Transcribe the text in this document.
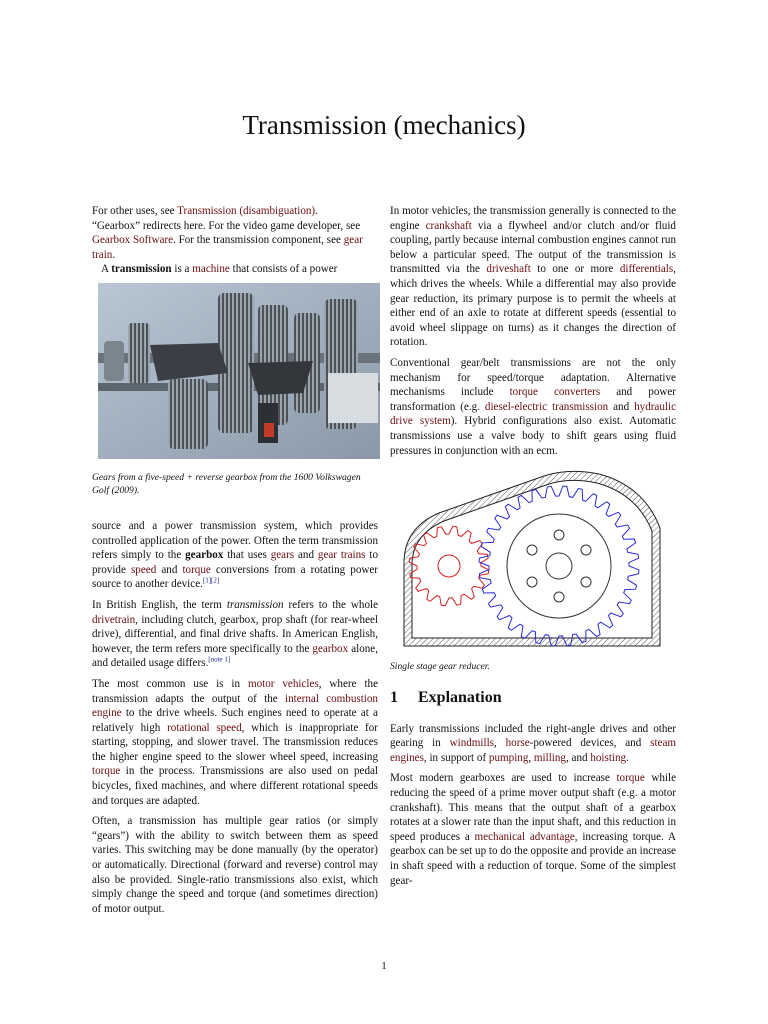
Transmission (mechanics)

For other uses, see Transmission (disambiguation).

“Gearbox” redirects here. For the video game developer, see Gearbox Software. For the transmission component, see gear train.

A transmission is a machine that consists of a power

Gears from a five-speed + reverse gearbox from the 1600 Volkswagen Golf (2009).

source and a power transmission system, which provides controlled application of the power. Often the term transmission refers simply to the gearbox that uses gears and gear trains to provide speed and torque conversions from a rotating power source to another device.[1][2]

In British English, the term transmission refers to the whole drivetrain, including clutch, gearbox, prop shaft (for rear-wheel drive), differential, and final drive shafts. In American English, however, the term refers more specifically to the gearbox alone, and detailed usage differs.[note 1]

The most common use is in motor vehicles, where the transmission adapts the output of the internal combustion engine to the drive wheels. Such engines need to operate at a relatively high rotational speed, which is inappropriate for starting, stopping, and slower travel. The transmission reduces the higher engine speed to the slower wheel speed, increasing torque in the process. Transmissions are also used on pedal bicycles, fixed machines, and where different rotational speeds and torques are adapted.

Often, a transmission has multiple gear ratios (or simply “gears”) with the ability to switch between them as speed varies. This switching may be done manually (by the operator) or automatically. Directional (forward and reverse) control may also be provided. Single-ratio transmissions also exist, which simply change the speed and torque (and sometimes direction) of motor output.

In motor vehicles, the transmission generally is connected to the engine crankshaft via a flywheel and/or clutch and/or fluid coupling, partly because internal combustion engines cannot run below a particular speed. The output of the transmission is transmitted via the driveshaft to one or more differentials, which drives the wheels. While a differential may also provide gear reduction, its primary purpose is to permit the wheels at either end of an axle to rotate at different speeds (essential to avoid wheel slippage on turns) as it changes the direction of rotation.

Conventional gear/belt transmissions are not the only mechanism for speed/torque adaptation. Alternative mechanisms include torque converters and power transformation (e.g. diesel-electric transmission and hydraulic drive system). Hybrid configurations also exist. Automatic transmissions use a valve body to shift gears using fluid pressures in conjunction with an ecm.

Single stage gear reducer.

1 Explanation

Early transmissions included the right-angle drives and other gearing in windmills, horse-powered devices, and steam engines, in support of pumping, milling, and hoisting.

Most modern gearboxes are used to increase torque while reducing the speed of a prime mover output shaft (e.g. a motor crankshaft). This means that the output shaft of a gearbox rotates at a slower rate than the input shaft, and this reduction in speed produces a mechanical advantage, increasing torque. A gearbox can be set up to do the opposite and provide an increase in shaft speed with a reduction of torque. Some of the simplest gear-

1
